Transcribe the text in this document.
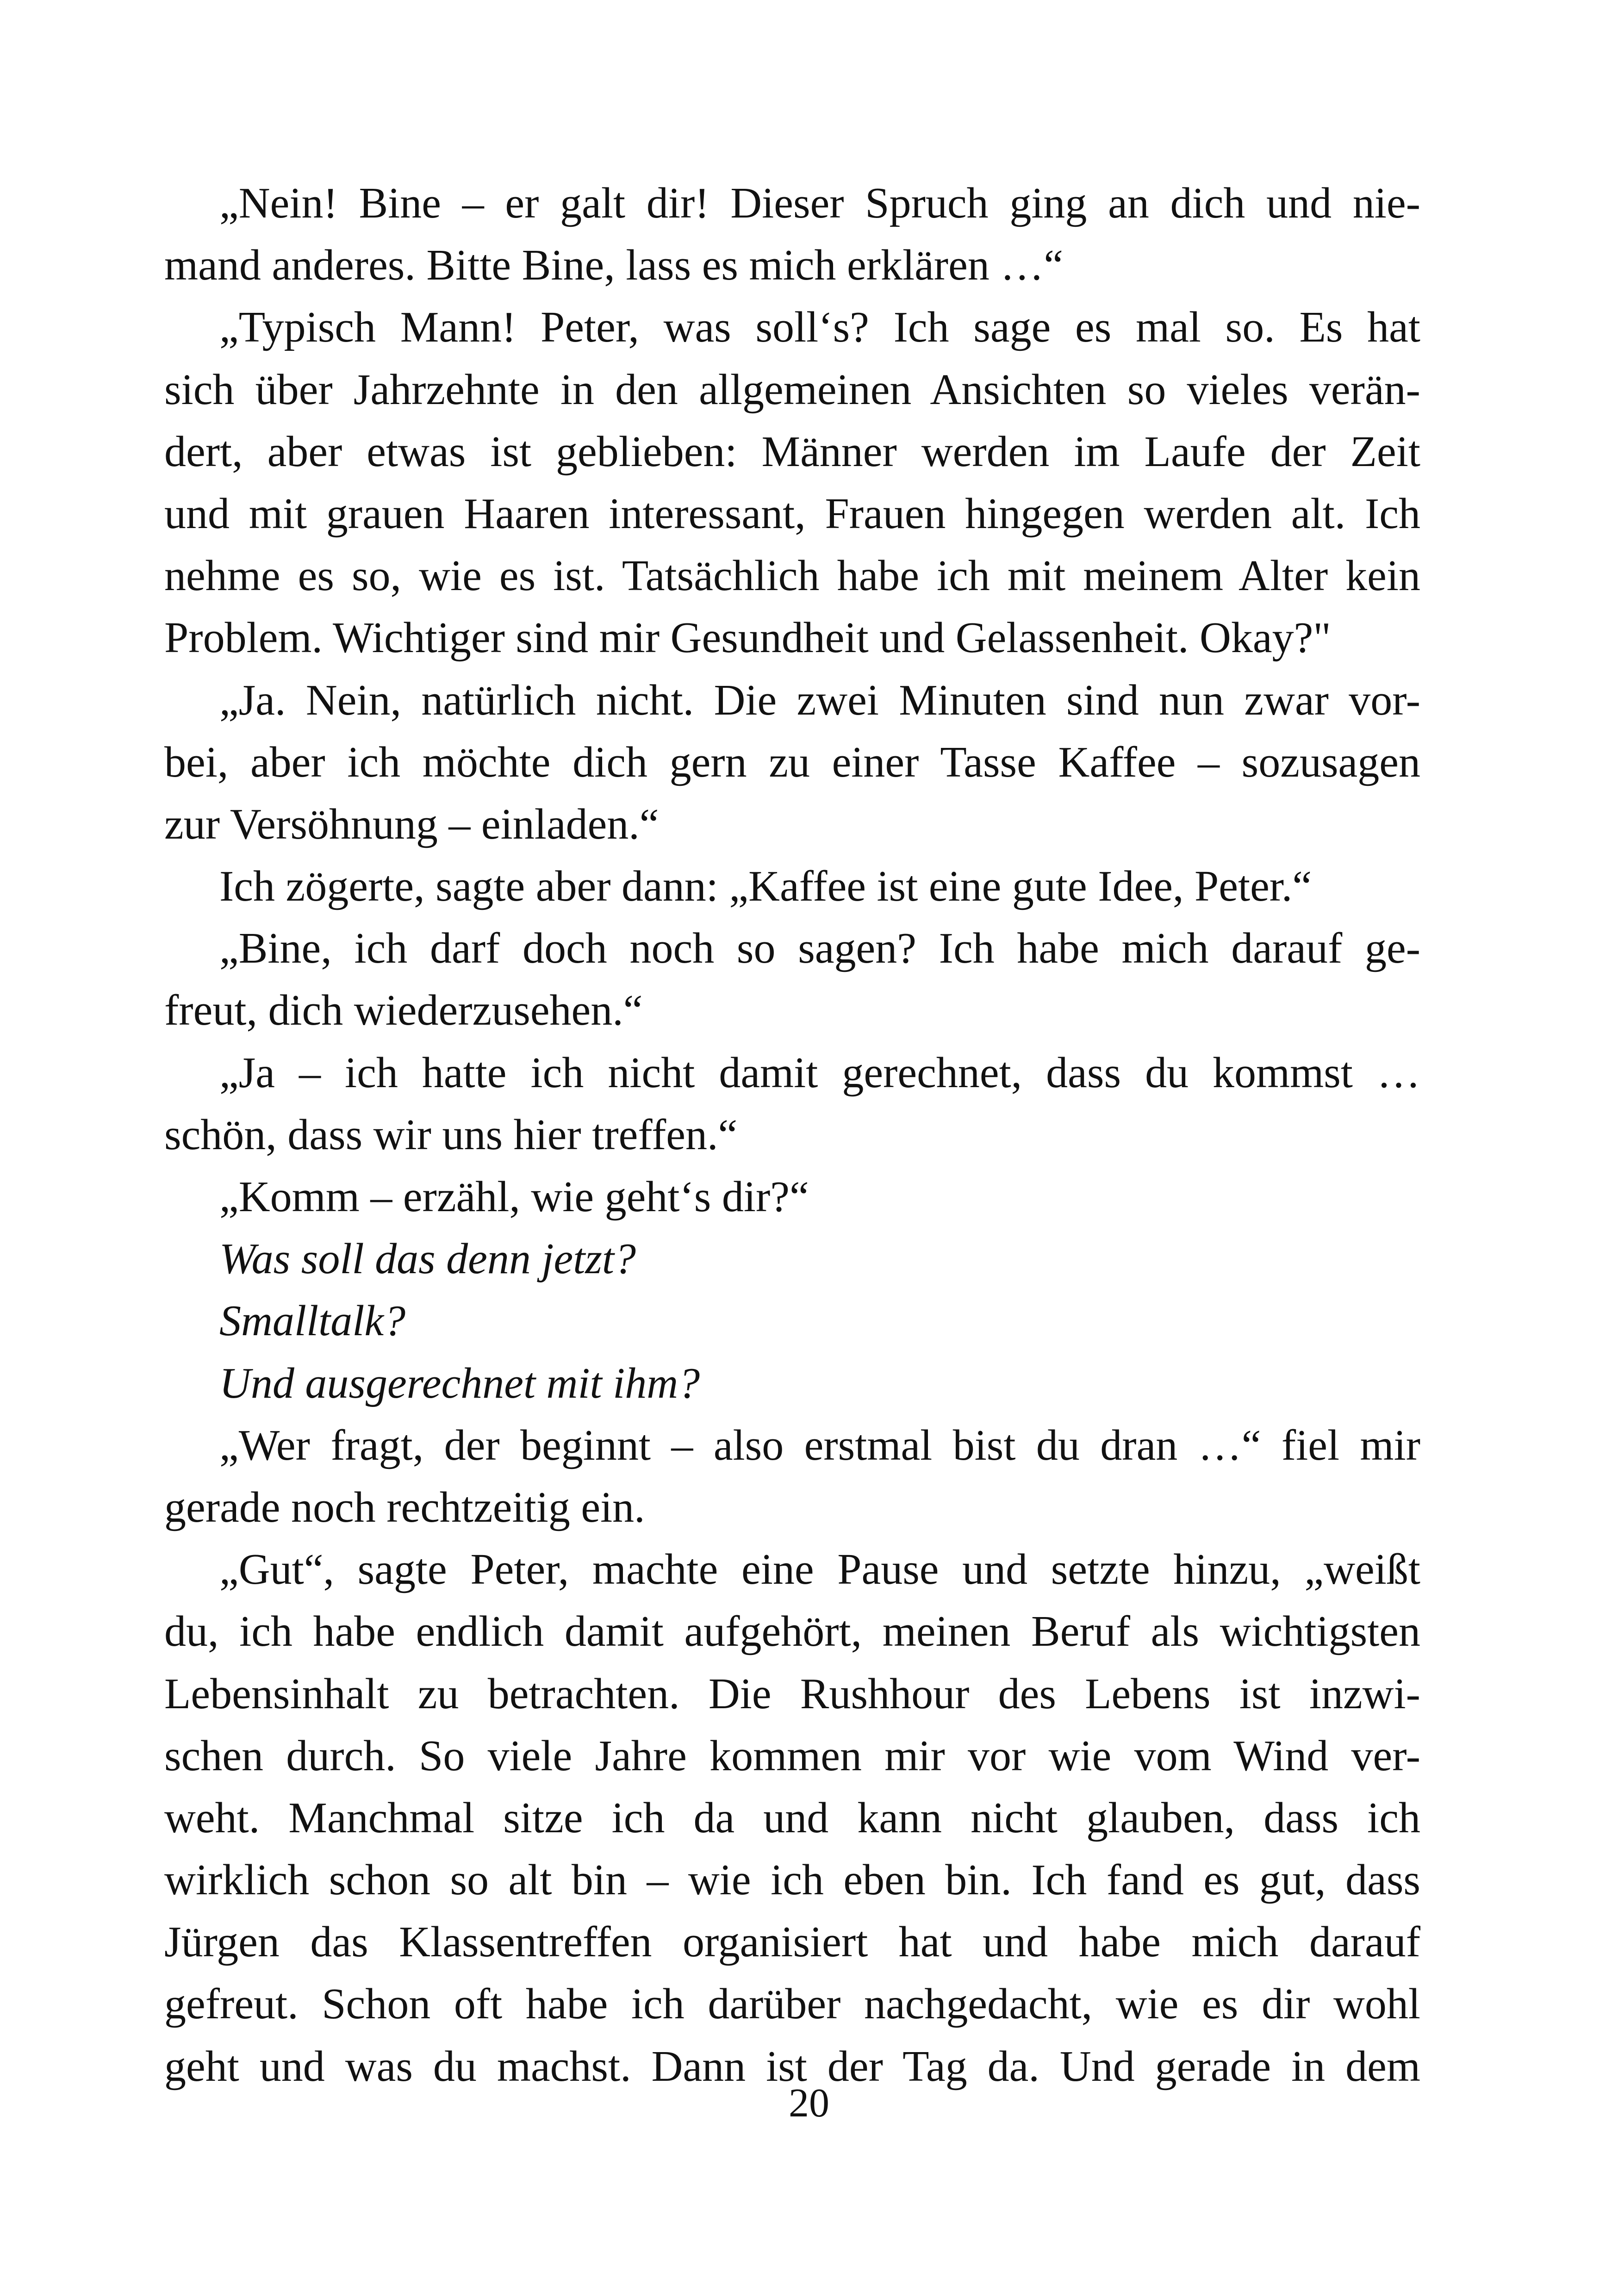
„Nein! Bine – er galt dir! Dieser Spruch ging an dich und nie-
mand anderes. Bitte Bine, lass es mich erklären …“
„Typisch Mann! Peter, was soll‘s? Ich sage es mal so. Es hat
sich über Jahrzehnte in den allgemeinen Ansichten so vieles verän-
dert, aber etwas ist geblieben: Männer werden im Laufe der Zeit
und mit grauen Haaren interessant, Frauen hingegen werden alt. Ich
nehme es so, wie es ist. Tatsächlich habe ich mit meinem Alter kein
Problem. Wichtiger sind mir Gesundheit und Gelassenheit. Okay?"
„Ja. Nein, natürlich nicht. Die zwei Minuten sind nun zwar vor-
bei, aber ich möchte dich gern zu einer Tasse Kaffee – sozusagen
zur Versöhnung – einladen.“
Ich zögerte, sagte aber dann: „Kaffee ist eine gute Idee, Peter.“
„Bine, ich darf doch noch so sagen? Ich habe mich darauf ge-
freut, dich wiederzusehen.“
„Ja – ich hatte ich nicht damit gerechnet, dass du kommst …
schön, dass wir uns hier treffen.“
„Komm – erzähl, wie geht‘s dir?“
Was soll das denn jetzt?
Smalltalk?
Und ausgerechnet mit ihm?
„Wer fragt, der beginnt – also erstmal bist du dran …“ fiel mir
gerade noch rechtzeitig ein.
„Gut“, sagte Peter, machte eine Pause und setzte hinzu, „weißt
du, ich habe endlich damit aufgehört, meinen Beruf als wichtigsten
Lebensinhalt zu betrachten. Die Rushhour des Lebens ist inzwi-
schen durch. So viele Jahre kommen mir vor wie vom Wind ver-
weht. Manchmal sitze ich da und kann nicht glauben, dass ich
wirklich schon so alt bin – wie ich eben bin. Ich fand es gut, dass
Jürgen das Klassentreffen organisiert hat und habe mich darauf
gefreut. Schon oft habe ich darüber nachgedacht, wie es dir wohl
geht und was du machst. Dann ist der Tag da. Und gerade in dem
20
